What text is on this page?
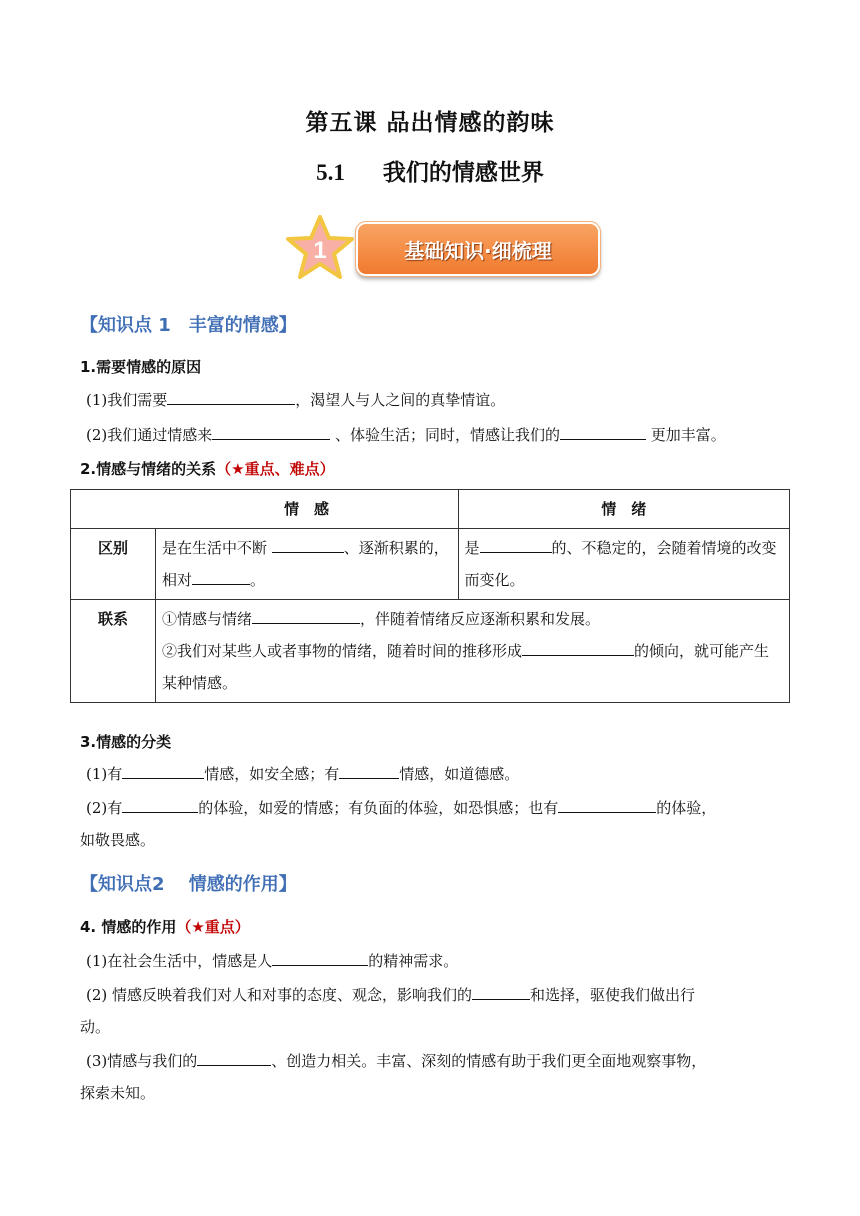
第五课 品出情感的韵味
5.1 我们的情感世界
基础知识·细梳理
1
【知识点 1　丰富的情感】
1.需要情感的原因
(1)我们需要	，渴望人与人之间的真挚情谊。
(2)我们通过情感来	、体验生活；同时，情感让我们的	更加丰富。
2.情感与情绪的关系（★重点、难点）
	情　感	情　绪
区别	是在生活中不断 、逐渐积累的，相对 。	是 的、不稳定的，会随着情境的改变而变化。
联系	①情感与情绪 ，伴随着情绪反应逐渐积累和发展。
②我们对某些人或者事物的情绪，随着时间的推移形成 的倾向，就可能产生某种情感。	
3.情感的分类
(1)有	情感，如安全感；有	情感，如道德感。
(2)有	的体验，如爱的情感；有负面的体验，如恐惧感；也有	的体验，
如敬畏感。
【知识点2　 情感的作用】
4. 情感的作用（★重点）
(1)在社会生活中，情感是人	的精神需求。
(2) 情感反映着我们对人和对事的态度、观念，影响我们的	和选择，驱使我们做出行
动。
(3)情感与我们的	、创造力相关。丰富、深刻的情感有助于我们更全面地观察事物，
探索未知。
